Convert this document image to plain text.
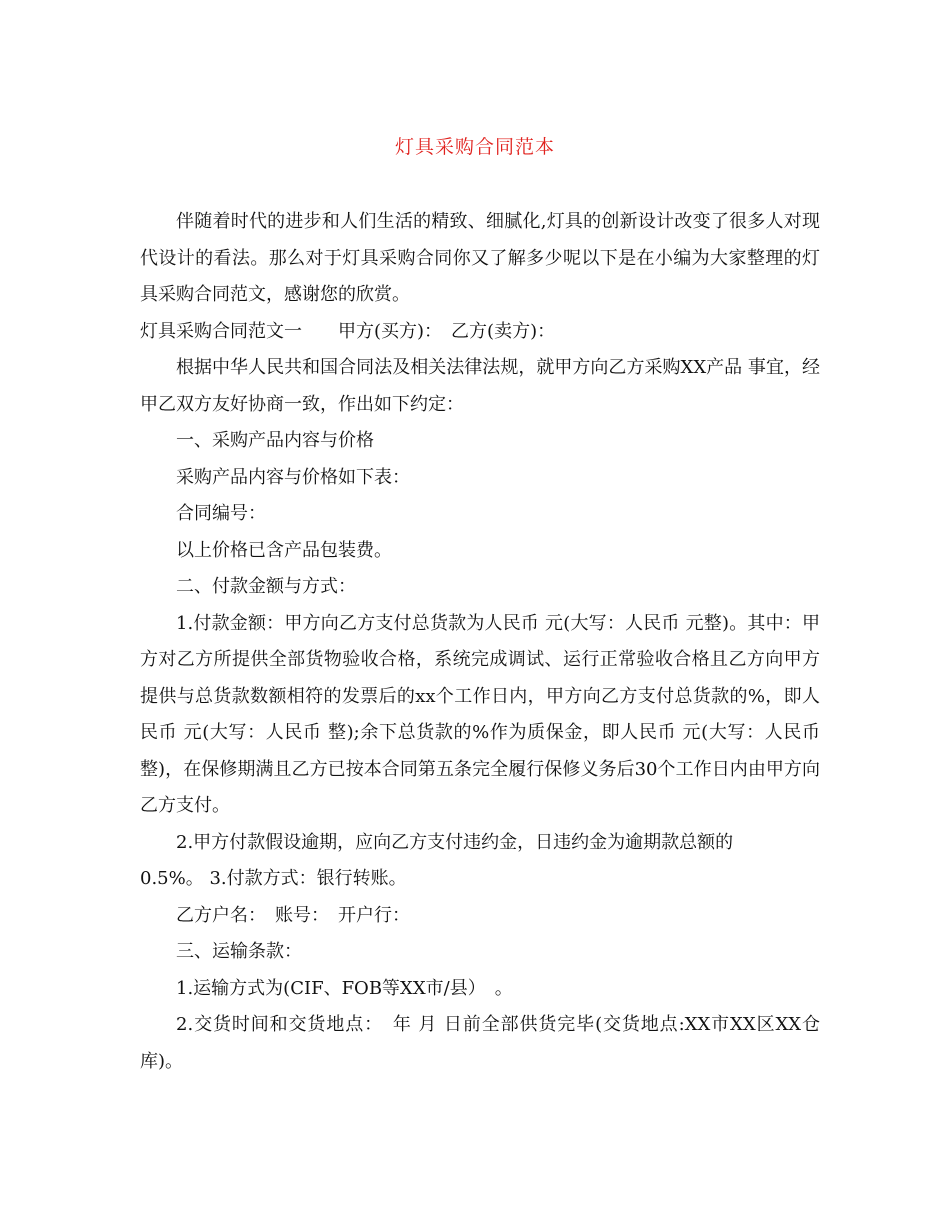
灯具采购合同范本

伴随着时代的进步和人们生活的精致、细腻化,灯具的创新设计改变了很多人对现代设计的看法。那么对于灯具采购合同你又了解多少呢以下是在小编为大家整理的灯具采购合同范文，感谢您的欣赏。

灯具采购合同范文一　　甲方(买方)：　乙方(卖方)：

根据中华人民共和国合同法及相关法律法规，就甲方向乙方采购XX产品 事宜，经甲乙双方友好协商一致，作出如下约定：

一、采购产品内容与价格

采购产品内容与价格如下表：

合同编号：

以上价格已含产品包装费。

二、付款金额与方式：

1.付款金额：甲方向乙方支付总货款为人民币 元(大写：人民币 元整)。其中：甲方对乙方所提供全部货物验收合格，系统完成调试、运行正常验收合格且乙方向甲方提供与总货款数额相符的发票后的xx个工作日内，甲方向乙方支付总货款的%，即人民币 元(大写：人民币 整);余下总货款的%作为质保金，即人民币 元(大写：人民币 整)，在保修期满且乙方已按本合同第五条完全履行保修义务后30个工作日内由甲方向乙方支付。

2.甲方付款假设逾期，应向乙方支付违约金，日违约金为逾期款总额的

0.5%。 3.付款方式：银行转账。

乙方户名：　账号：　开户行：

三、运输条款：

1.运输方式为(CIF、FOB等XX市/县）　。

2.交货时间和交货地点：　年 月 日前全部供货完毕(交货地点:XX市XX区XX仓库)。
